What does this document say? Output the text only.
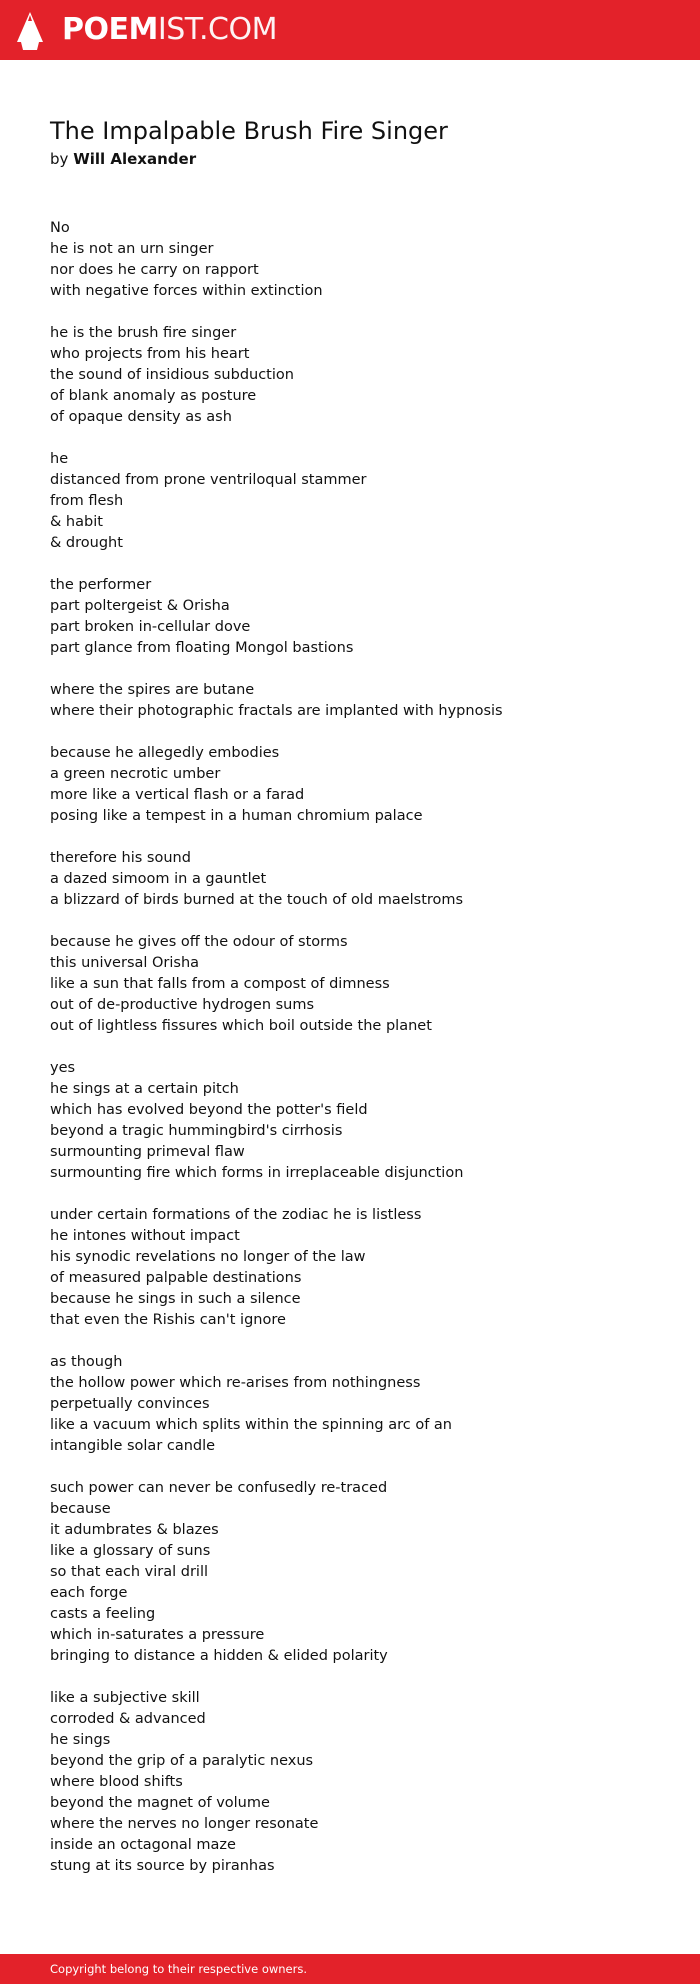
POEMIST.COM
The Impalpable Brush Fire Singer
by Will Alexander
No
he is not an urn singer
nor does he carry on rapport
with negative forces within extinction
he is the brush fire singer
who projects from his heart
the sound of insidious subduction
of blank anomaly as posture
of opaque density as ash
he
distanced from prone ventriloqual stammer
from flesh
& habit
& drought
the performer
part poltergeist & Orisha
part broken in-cellular dove
part glance from floating Mongol bastions
where the spires are butane
where their photographic fractals are implanted with hypnosis
because he allegedly embodies
a green necrotic umber
more like a vertical flash or a farad
posing like a tempest in a human chromium palace
therefore his sound
a dazed simoom in a gauntlet
a blizzard of birds burned at the touch of old maelstroms
because he gives off the odour of storms
this universal Orisha
like a sun that falls from a compost of dimness
out of de-productive hydrogen sums
out of lightless fissures which boil outside the planet
yes
he sings at a certain pitch
which has evolved beyond the potter's field
beyond a tragic hummingbird's cirrhosis
surmounting primeval flaw
surmounting fire which forms in irreplaceable disjunction
under certain formations of the zodiac he is listless
he intones without impact
his synodic revelations no longer of the law
of measured palpable destinations
because he sings in such a silence
that even the Rishis can't ignore
as though
the hollow power which re-arises from nothingness
perpetually convinces
like a vacuum which splits within the spinning arc of an
intangible solar candle
such power can never be confusedly re-traced
because
it adumbrates & blazes
like a glossary of suns
so that each viral drill
each forge
casts a feeling
which in-saturates a pressure
bringing to distance a hidden & elided polarity
like a subjective skill
corroded & advanced
he sings
beyond the grip of a paralytic nexus
where blood shifts
beyond the magnet of volume
where the nerves no longer resonate
inside an octagonal maze
stung at its source by piranhas
Copyright belong to their respective owners.
